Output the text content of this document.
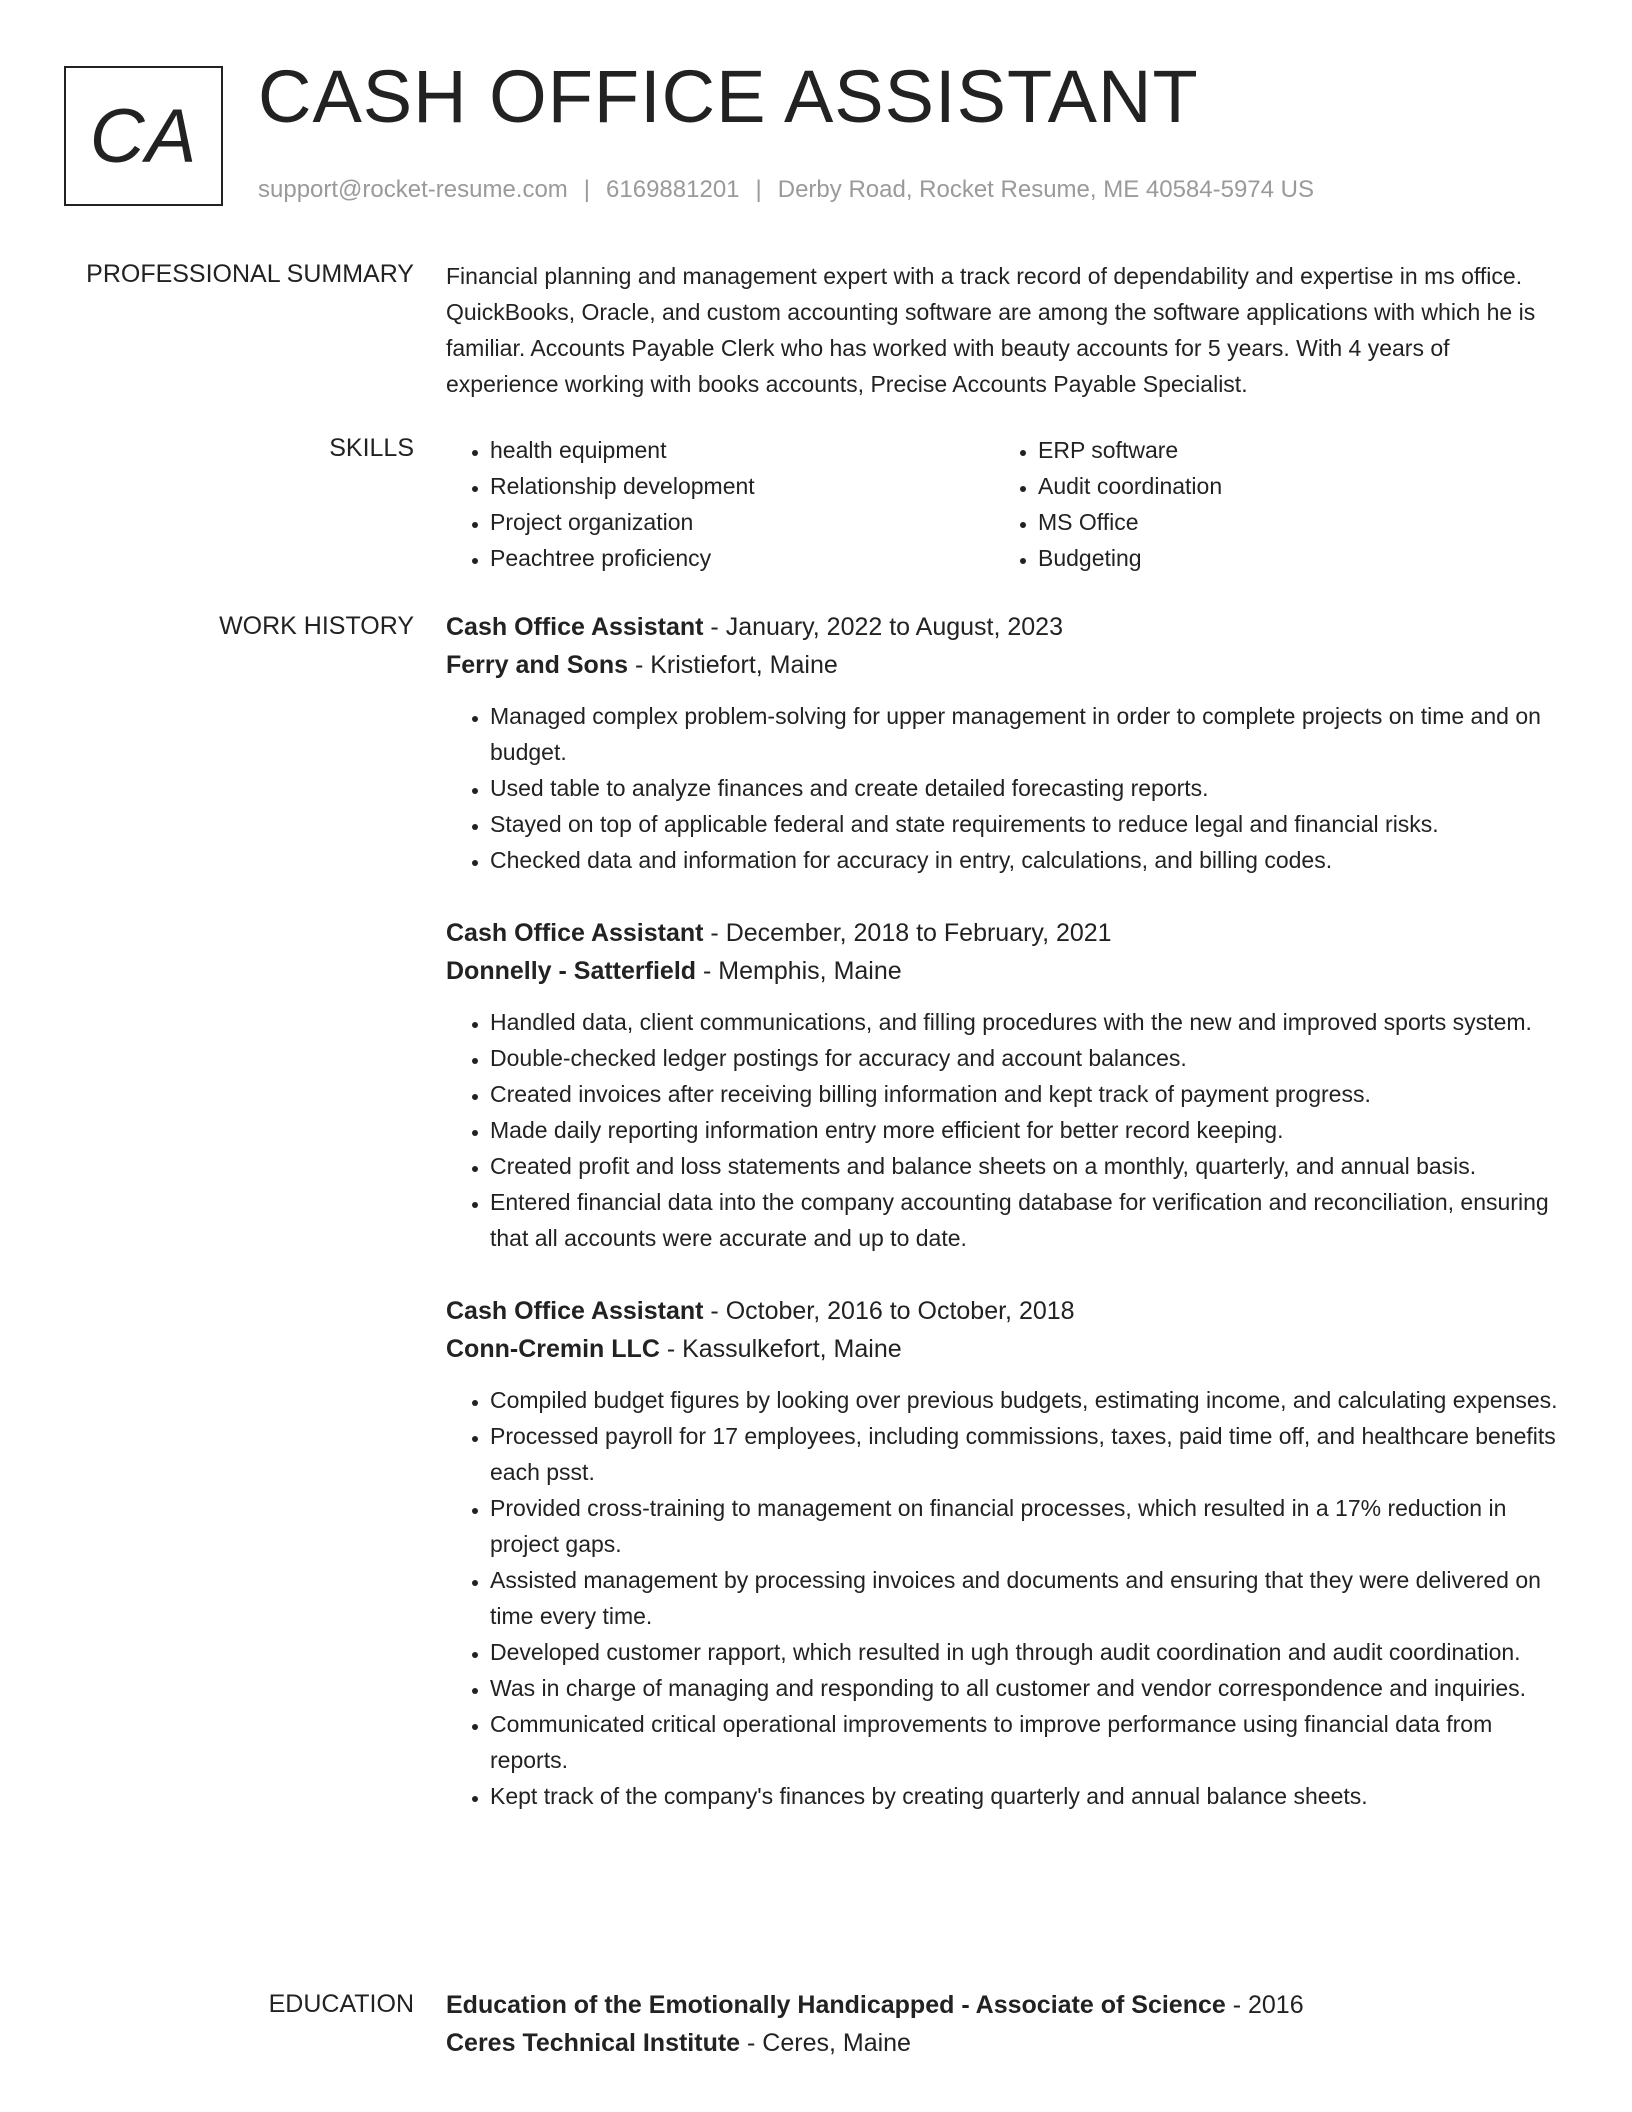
CA CASH OFFICE ASSISTANT
support@rocket-resume.com | 6169881201 | Derby Road, Rocket Resume, ME 40584-5974 US
PROFESSIONAL SUMMARY Financial planning and management expert with a track record of dependability and expertise in ms office. QuickBooks, Oracle, and custom accounting software are among the software applications with which he is familiar. Accounts Payable Clerk who has worked with beauty accounts for 5 years. With 4 years of experience working with books accounts, Precise Accounts Payable Specialist.

SKILLS
•	health equipment
• Relationship development
• Project organization
• Peachtree proficiency
• ERP software
• Audit coordination
• MS Office
• Budgeting
WORK HISTORY Cash Office Assistant - January, 2022 to August, 2023
Ferry and Sons - Kristiefort, Maine
• Managed complex problem-solving for upper management in order to complete projects on time and on budget.
• Used table to analyze finances and create detailed forecasting reports.
• Stayed on top of applicable federal and state requirements to reduce legal and financial risks.
• Checked data and information for accuracy in entry, calculations, and billing codes.
Cash Office Assistant - December, 2018 to February, 2021
Donnelly - Satterfield - Memphis, Maine
• Handled data, client communications, and filling procedures with the new and improved sports system.
• Double-checked ledger postings for accuracy and account balances.
• Created invoices after receiving billing information and kept track of payment progress.
• Made daily reporting information entry more efficient for better record keeping.
• Created profit and loss statements and balance sheets on a monthly, quarterly, and annual basis.
• Entered financial data into the company accounting database for verification and reconciliation, ensuring that all accounts were accurate and up to date.
Cash Office Assistant - October, 2016 to October, 2018
Conn-Cremin LLC - Kassulkefort, Maine
• Compiled budget figures by looking over previous budgets, estimating income, and calculating expenses.
• Processed payroll for 17 employees, including commissions, taxes, paid time off, and healthcare benefits each psst.
• Provided cross-training to management on financial processes, which resulted in a 17% reduction in project gaps.
• Assisted management by processing invoices and documents and ensuring that they were delivered on time every time.
• Developed customer rapport, which resulted in ugh through audit coordination and audit coordination.
• Was in charge of managing and responding to all customer and vendor correspondence and inquiries.
• Communicated critical operational improvements to improve performance using financial data from reports.
• Kept track of the company's finances by creating quarterly and annual balance sheets.
EDUCATION Education of the Emotionally Handicapped - Associate of Science - 2016
Ceres Technical Institute - Ceres, Maine
